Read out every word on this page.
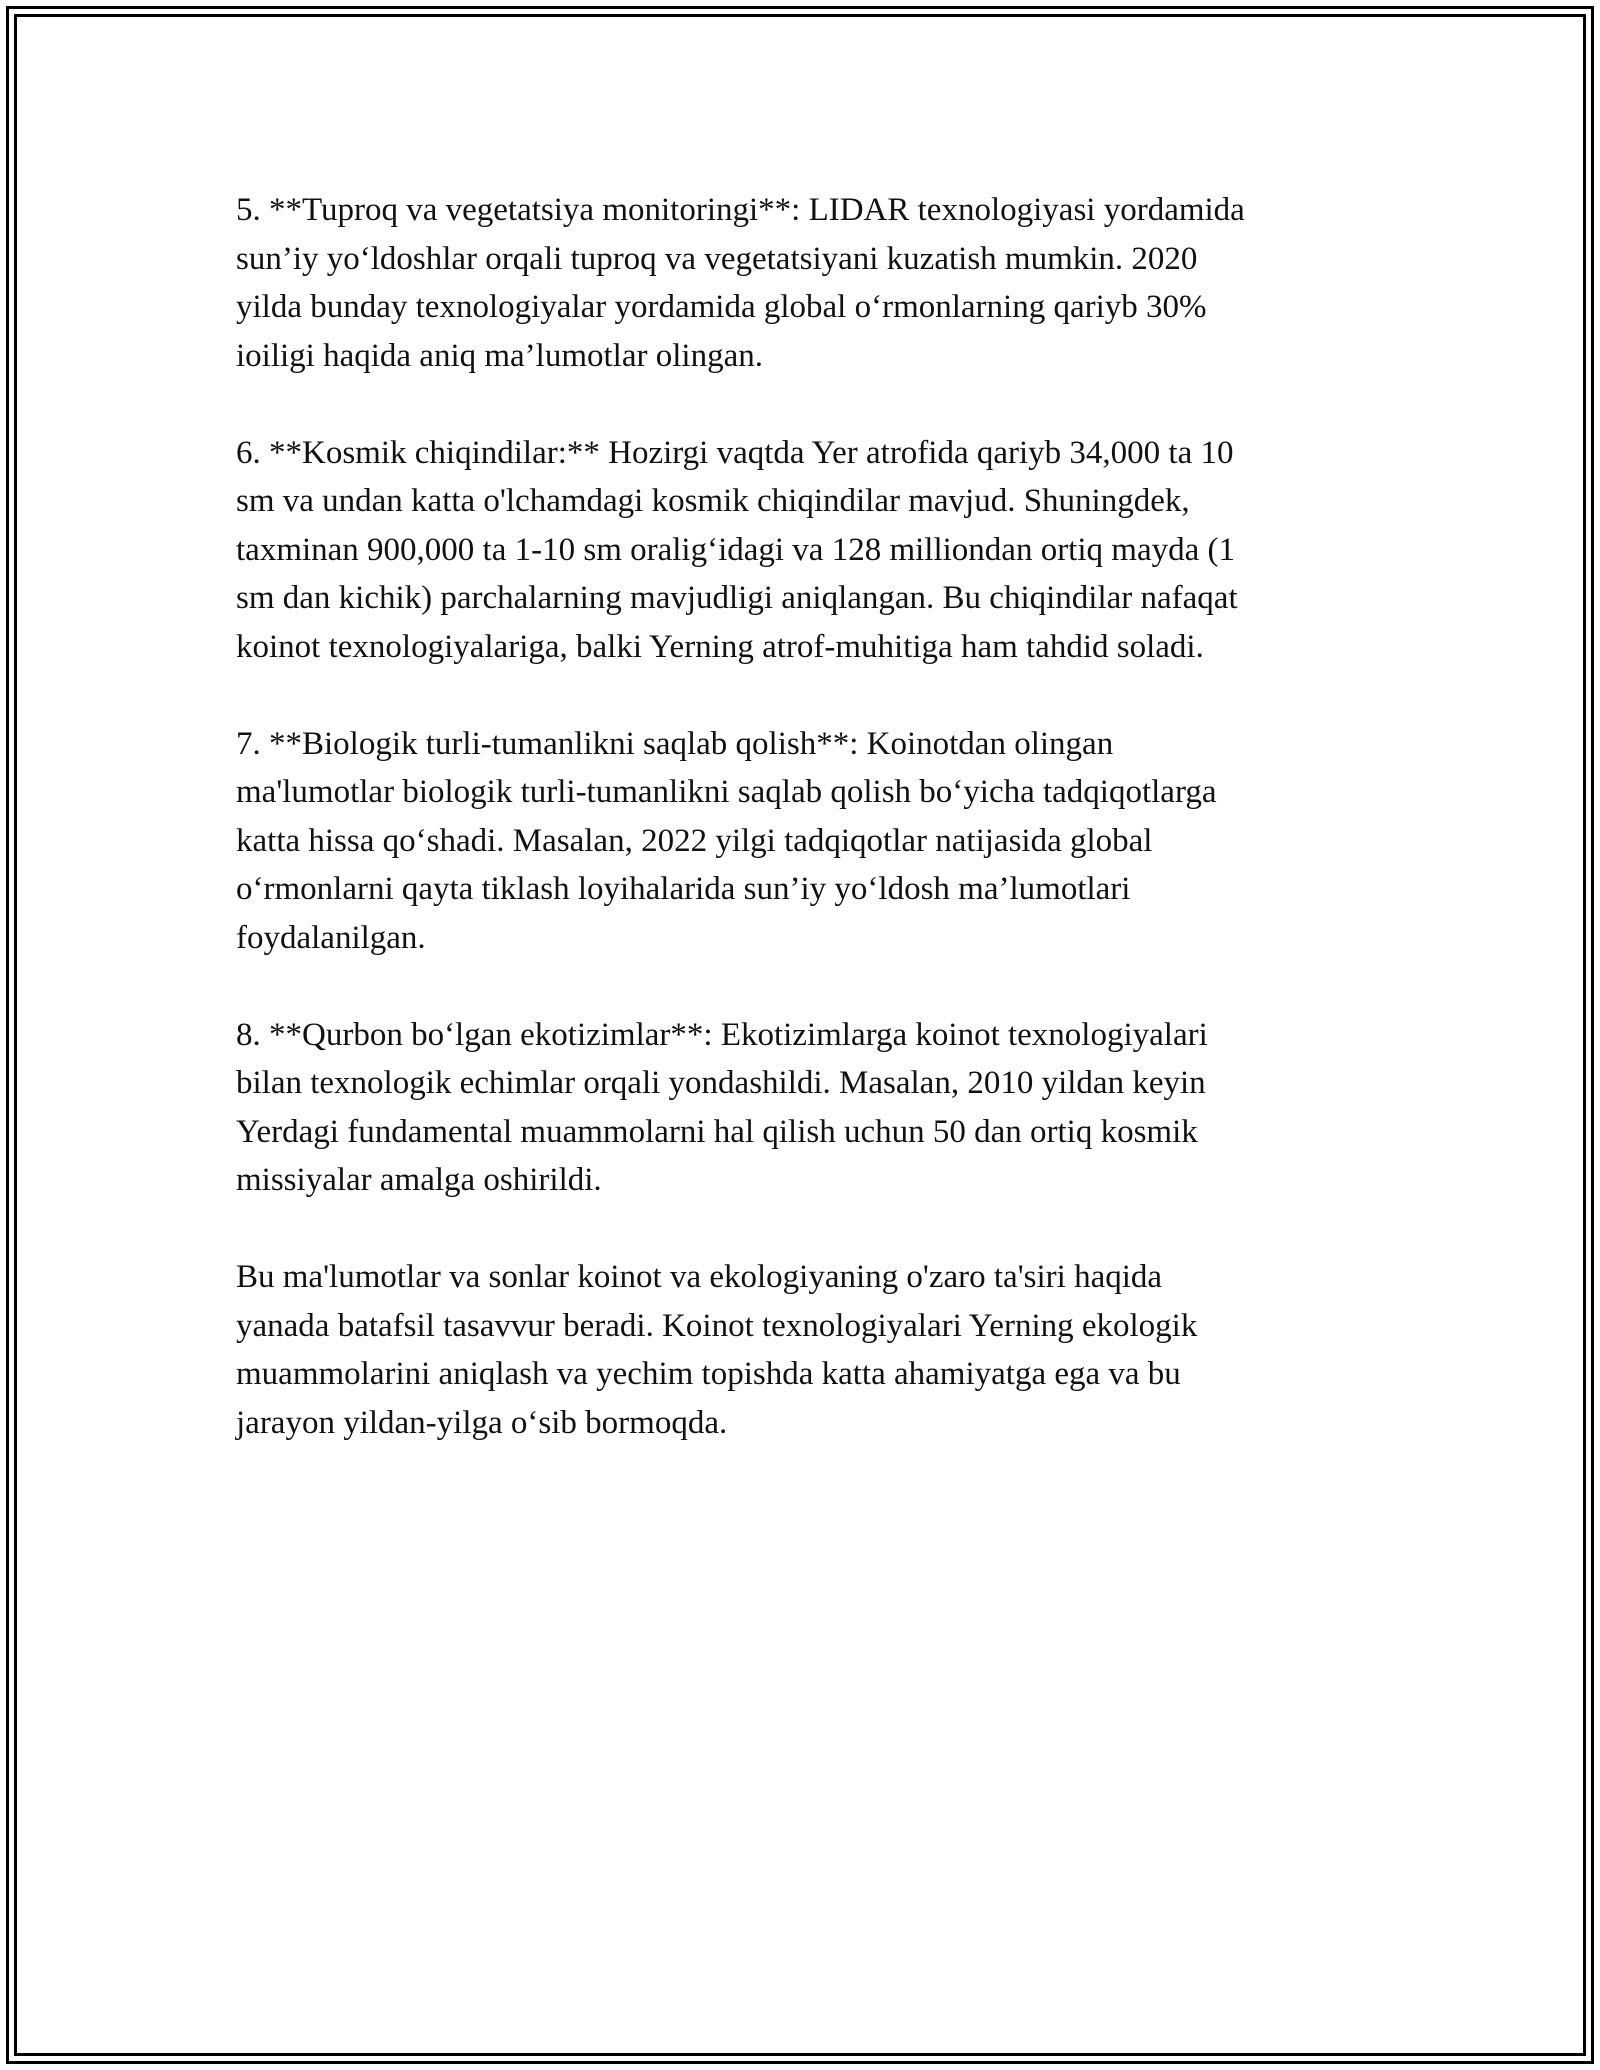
5. **Tuproq va vegetatsiya monitoringi**: LIDAR texnologiyasi yordamida
sun’iy yo‘ldoshlar orqali tuproq va vegetatsiyani kuzatish mumkin. 2020
yilda bunday texnologiyalar yordamida global o‘rmonlarning qariyb 30%
ioiligi haqida aniq ma’lumotlar olingan.

6. **Kosmik chiqindilar:** Hozirgi vaqtda Yer atrofida qariyb 34,000 ta 10
sm va undan katta o'lchamdagi kosmik chiqindilar mavjud. Shuningdek,
taxminan 900,000 ta 1-10 sm oralig‘idagi va 128 milliondan ortiq mayda (1
sm dan kichik) parchalarning mavjudligi aniqlangan. Bu chiqindilar nafaqat
koinot texnologiyalariga, balki Yerning atrof-muhitiga ham tahdid soladi.

7. **Biologik turli-tumanlikni saqlab qolish**: Koinotdan olingan
ma'lumotlar biologik turli-tumanlikni saqlab qolish bo‘yicha tadqiqotlarga
katta hissa qo‘shadi. Masalan, 2022 yilgi tadqiqotlar natijasida global
o‘rmonlarni qayta tiklash loyihalarida sun’iy yo‘ldosh ma’lumotlari
foydalanilgan.

8. **Qurbon bo‘lgan ekotizimlar**: Ekotizimlarga koinot texnologiyalari
bilan texnologik echimlar orqali yondashildi. Masalan, 2010 yildan keyin
Yerdagi fundamental muammolarni hal qilish uchun 50 dan ortiq kosmik
missiyalar amalga oshirildi.

Bu ma'lumotlar va sonlar koinot va ekologiyaning o'zaro ta'siri haqida
yanada batafsil tasavvur beradi. Koinot texnologiyalari Yerning ekologik
muammolarini aniqlash va yechim topishda katta ahamiyatga ega va bu
jarayon yildan-yilga o‘sib bormoqda.
